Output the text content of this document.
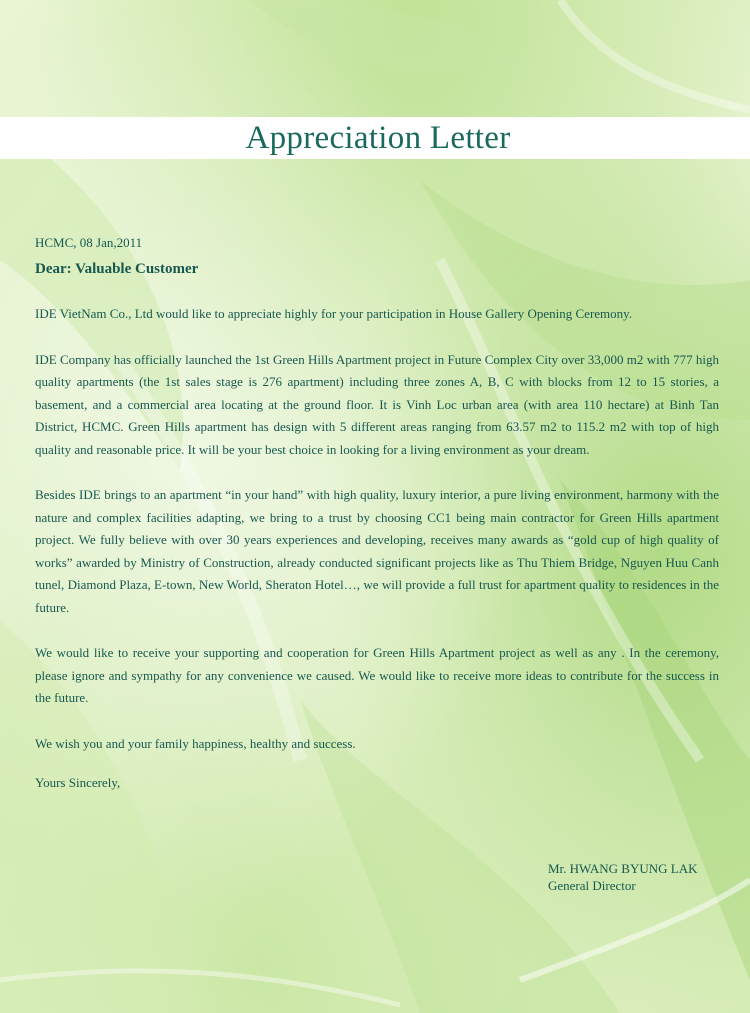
Appreciation Letter
HCMC, 08 Jan,2011
Dear: Valuable Customer

IDE VietNam Co., Ltd would like to appreciate highly for your participation in House Gallery Opening Ceremony.

IDE Company has officially launched the 1st Green Hills Apartment project in Future Complex City over 33,000 m2 with 777 high quality apartments (the 1st sales stage is 276 apartment) including three zones A, B, C with blocks from 12 to 15 stories, a basement, and a commercial area locating at the ground floor. It is Vinh Loc urban area (with area 110 hectare) at Binh Tan District, HCMC. Green Hills apartment has design with 5 different areas ranging from 63.57 m2 to 115.2 m2 with top of high quality and reasonable price. It will be your best choice in looking for a living environment as your dream.

Besides IDE brings to an apartment “in your hand” with high quality, luxury interior, a pure living environment, harmony with the nature and complex facilities adapting, we bring to a trust by choosing CC1 being main contractor for Green Hills apartment project. We fully believe with over 30 years experiences and developing, receives many awards as “gold cup of high quality of works” awarded by Ministry of Construction, already conducted significant projects like as Thu Thiem Bridge, Nguyen Huu Canh tunel, Diamond Plaza, E-town, New World, Sheraton Hotel…, we will provide a full trust for apartment quality to residences in the future.

We would like to receive your supporting and cooperation for Green Hills Apartment project as well as any . In the ceremony, please ignore and sympathy for any convenience we caused. We would like to receive more ideas to contribute for the success in the future.

We wish you and your family happiness, healthy and success.

Yours Sincerely,

Mr. HWANG BYUNG LAK
General Director
